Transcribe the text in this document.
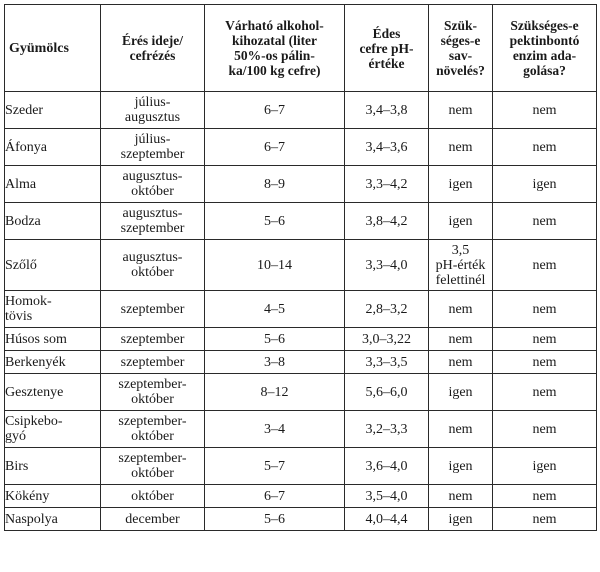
Gyümölcs	Érés ideje/
cefrézés	Várható alkohol-
kihozatal (liter
50%-os pálin-
ka/100 kg cefre)	Édes
cefre pH-
értéke	Szük-
séges-e
sav-
növelés?	Szükséges-e
pektinbontó
enzim ada-
golása?

Szeder	július-
augusztus	6–7	3,4–3,8	nem	nem

Áfonya	július-
szeptember	6–7	3,4–3,6	nem	nem

Alma	augusztus-
október	8–9	3,3–4,2	igen	igen

Bodza	augusztus-
szeptember	5–6	3,8–4,2	igen	nem

Szőlő	augusztus-
október	10–14	3,3–4,0	3,5
pH-érték
felettinél	nem

Homok-
tövis	szeptember	4–5	2,8–3,2	nem	nem

Húsos som	szeptember	5–6	3,0–3,22	nem	nem

Berkenyék	szeptember	3–8	3,3–3,5	nem	nem

Gesztenye	szeptember-
október	8–12	5,6–6,0	igen	nem

Csipkebo-
gyó	szeptember-
október	3–4	3,2–3,3	nem	nem

Birs	szeptember-
október	5–7	3,6–4,0	igen	igen

Kökény	október	6–7	3,5–4,0	nem	nem

Naspolya	december	5–6	4,0–4,4	igen	nem
